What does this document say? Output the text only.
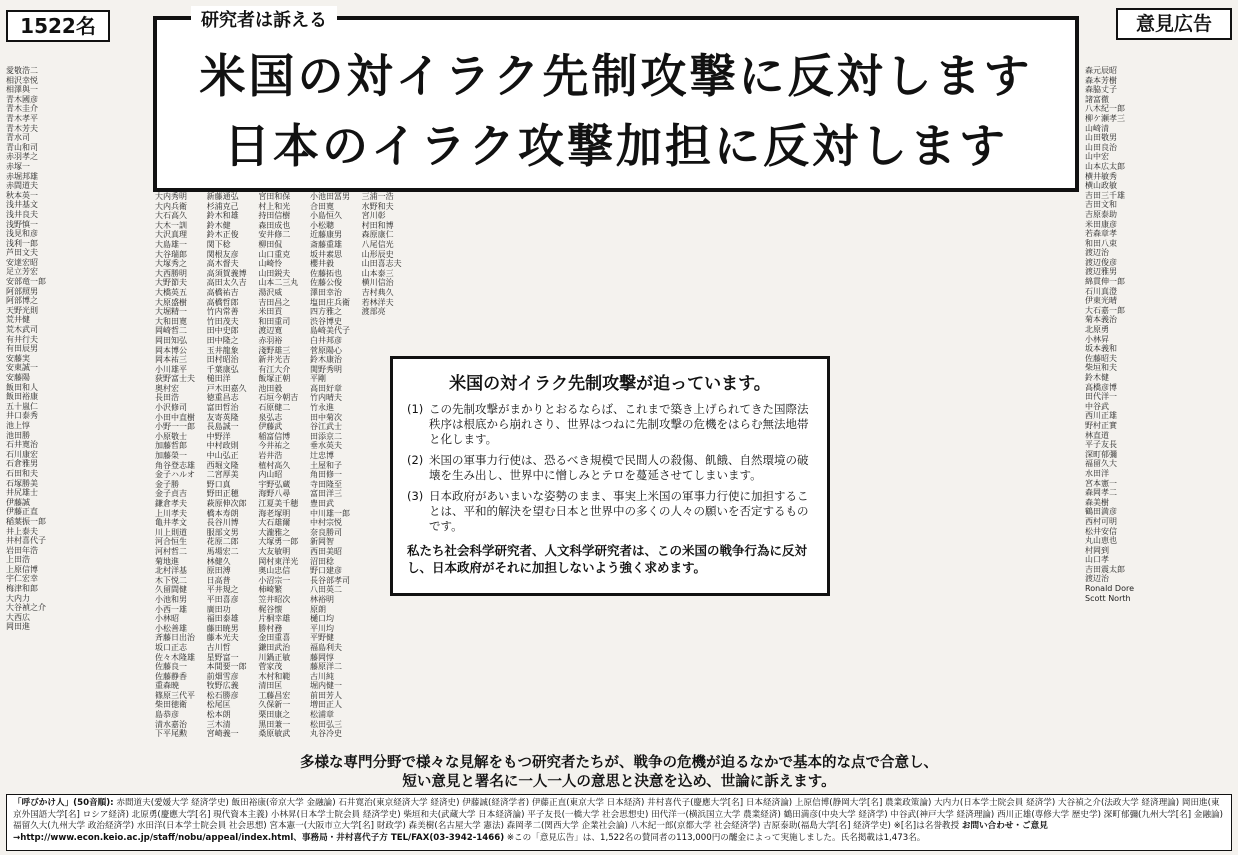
1522名	意見広告
愛敬浩二
相沢幸悦
相澤與一
青木國彦
青木圭介
青木孝平
青木芳夫
青水司
青山和司
赤羽孝之
赤塚一
赤堀邦雄
赤間道夫
秋本英一
浅井基文
浅井良夫
浅野慎一
浅見和彦
浅利一郎
芦田文夫
安達宏昭
足立芳宏
安部竜一郎
阿部照男
阿部博之
天野光則
荒井健
荒木武司
有井行夫
有田辰男
安藤実
安東誠一
安藤陽
飯田和人
飯田裕康
五十嵐仁
井口泰秀
池上惇
池田勝
石井寛治
石川康宏
石倉雅男
石田和夫
石塚勝美
井尻雄士
伊藤誠
伊藤正直
稲葉振一郎
井上泰夫
井村喜代子
岩田年浩
上田浩
上原信博
宇仁宏幸
梅津和郎
大内力
大谷禎之介
大西広
岡田進
森元辰昭
森本芳樹
森脇丈子
諸富徹
八木紀一郎
柳ケ瀬孝三
山崎清
山田敬男
山田良治
山中宏
山本広太郎
横井敏秀
横山政敏
吉田三千雄
吉田文和
吉原泰助
米田康彦
若森章孝
和田八束
渡辺治
渡辺俊彦
渡辺雅男
綿貫伸一郎
石川真澄
伊東光晴
大石嘉一郎
菊本義治
北原勇
小林昇
坂本義和
佐藤昭夫
柴垣和夫
鈴木健
高橋彦博
田代洋一
中谷武
西川正雄
野村正實
林直道
平子友長
深町郁彌
福留久大
水田洋
宮本憲一
森岡孝二
森美樹
鶴田満彦
西村可明
松井安信
丸山恵也
村岡到
山口孝
吉田震太郎
渡辺治
Ronald Dore
Scott North
研究者は訴える
米国の対イラク先制攻撃に反対します
日本のイラク攻撃加担に反対します
大内秀明
大内兵衛
大石高久
大木一訓
大沢真理
大島雄一
大谷瑞郎
大塚秀之
大西勝明
大野節夫
大橋英五
大原盛樹
大堀精一
大和田寛
岡崎哲二
岡田知弘
岡本博公
岡本祐三
小川雄平
荻野富士夫
奥村宏
長田浩
小沢修司
小田中直樹
小野一一郎
小原敬士
加藤哲郎
加藤榮一
角谷登志雄
金子ハルオ
金子勝
金子貞吉
鎌倉孝夫
上川孝夫
亀井孝文
川上則道
河合恒生
河村哲二
菊地進
北村洋基
木下悦二
久留間健
小池和男
小西一雄
小林昭
小松善雄
斉藤日出治
坂口正志
佐々木隆雄
佐藤良一
佐藤静香
重森暁
篠原三代平
柴田徳衛
島恭彦
清水嘉治
下平尾勲
新藤通弘
杉浦克己
鈴木和雄
鈴木健
鈴木正俊
関下稔
関根友彦
高木督夫
高須賀義博
高田太久吉
高橋祐吉
高橋哲郎
竹内常善
竹田茂夫
田中史郎
田中隆之
玉井龍象
田村昭治
千葉康弘
槌田洋
戸木田嘉久
徳重昌志
富田哲治
友寄英隆
長島誠一
中野洋
中村政則
中山弘正
西堀文隆
二宮厚美
野口真
野田正穂
萩原伸次郎
橋本寿朗
長谷川博
服部文男
花原二郎
馬場宏二
林健久
原田溥
日高普
平井規之
平田喜彦
廣田功
福田泰雄
藤田暁男
藤本光夫
古川哲
星野富一
本間要一郎
前畑雪彦
牧野広義
松石勝彦
松尾匡
松本朗
三木清
宮崎義一
宮田和保
村上和光
持田信樹
森田成也
安井修二
柳田侃
山口重克
山崎怜
山田鋭夫
山本二三丸
湯沢威
吉田昌之
米田貢
和田重司
渡辺寛
赤羽裕
淺野雄三
新井光吉
有江大介
飯塚正朝
池田毅
石垣今朝吉
石原健二
泉弘志
伊藤武
稲富信博
今井祐之
岩井浩
植村高久
内山昭
宇野弘蔵
海野八尋
江夏美千穂
海老塚明
大石雄爾
大瀧雅之
大塚勇一郎
大友敏明
岡村東洋光
奥山忠信
小沼宗一
柿崎繁
笠井昭次
梶谷懐
片桐幸雄
勝村務
金田重喜
鎌田武治
川鍋正敏
菅家茂
木村和範
清田匡
工藤昌宏
久保新一
栗田康之
黒田兼一
桑原敏武
小池田冨男
合田寛
小島恒久
小松聰
近藤康男
斎藤重雄
坂井素思
櫻井毅
佐藤拓也
佐藤公俊
澤田幸治
塩田庄兵衛
四方雅之
渋谷博史
島崎美代子
白井邦彦
菅原陽心
鈴木康治
関野秀明
平剛
高田好章
竹内晴夫
竹永進
田中菊次
谷江武士
田添京二
垂水英夫
辻忠博
土屋和子
角田修一
寺田隆至
富田洋三
豊田武
中川雄一郎
中村宗悦
奈良勝司
新岡智
西田美昭
沼田稔
野口建彦
長谷部孝司
八田英二
林裕明
原朗
樋口均
平川均
平野健
福島利夫
藤岡惇
藤原洋二
古川純
堀内健一
前田芳人
増田正人
松浦章
松田弘三
丸谷冷史
三浦一浩
水野和夫
宮川彰
村田和博
森原康仁
八尾信光
山形辰史
山田喜志夫
山本泰三
横川信治
吉村典久
若林洋夫
渡部亮
米国の対イラク先制攻撃が迫っています。
(1) この先制攻撃がまかりとおるならば、これまで築き上げられてきた国際法秩序は根底から崩れさり、世界はつねに先制攻撃の危機をはらむ無法地帯と化します。
(2) 米国の軍事力行使は、恐るべき規模で民間人の殺傷、飢餓、自然環境の破壊を生み出し、世界中に憎しみとテロを蔓延させてしまいます。
(3) 日本政府があいまいな姿勢のまま、事実上米国の軍事力行使に加担することは、平和的解決を望む日本と世界中の多くの人々の願いを否定するものです。
私たち社会科学研究者、人文科学研究者は、この米国の戦争行為に反対し、日本政府がそれに加担しないよう強く求めます。
多様な専門分野で様々な見解をもつ研究者たちが、戦争の危機が迫るなかで基本的な点で合意し、
短い意見と署名に一人一人の意思と決意を込め、世論に訴えます。
「呼びかけ人」(50音順): 赤間道夫(愛媛大学 経済学史) 飯田裕康(帝京大学 金融論) 石井寛治(東京経済大学 経済史) 伊藤誠(経済学者) 伊藤正直(東京大学 日本経済) 井村喜代子(慶應大学[名] 日本経済論) 上原信博(静岡大学[名] 農業政策論) 大内力(日本学士院会員 経済学) 大谷禎之介(法政大学 経済理論) 岡田進(東京外国語大学[名] ロシア経済) 北原勇(慶應大学[名] 現代資本主義) 小林昇(日本学士院会員 経済学史) 柴垣和夫(武蔵大学 日本経済論) 平子友長(一橋大学 社会思想史) 田代洋一(横浜国立大学 農業経済) 鶴田満彦(中央大学 経済学) 中谷武(神戸大学 経済理論) 西川正雄(専修大学 歴史学) 深町郁彌(九州大学[名] 金融論) 福留久大(九州大学 政治経済学) 水田洋(日本学士院会員 社会思想) 宮本憲一(大阪市立大学[名] 財政学) 森美樹(名古屋大学 憲法) 森岡孝二(関西大学 企業社会論) 八木紀一郎(京都大学 社会経済学) 吉原泰助(福島大学[名] 経済学史) ※[名]は名誉教授 お問い合わせ・ご意見→http://www.econ.keio.ac.jp/staff/nobu/appeal/index.html、事務局・井村喜代子方 TEL/FAX(03-3942-1466) ※この「意見広告」は、1,522名の賛同者の113,000円の醵金によって実施しました。氏名掲載は1,473名。
